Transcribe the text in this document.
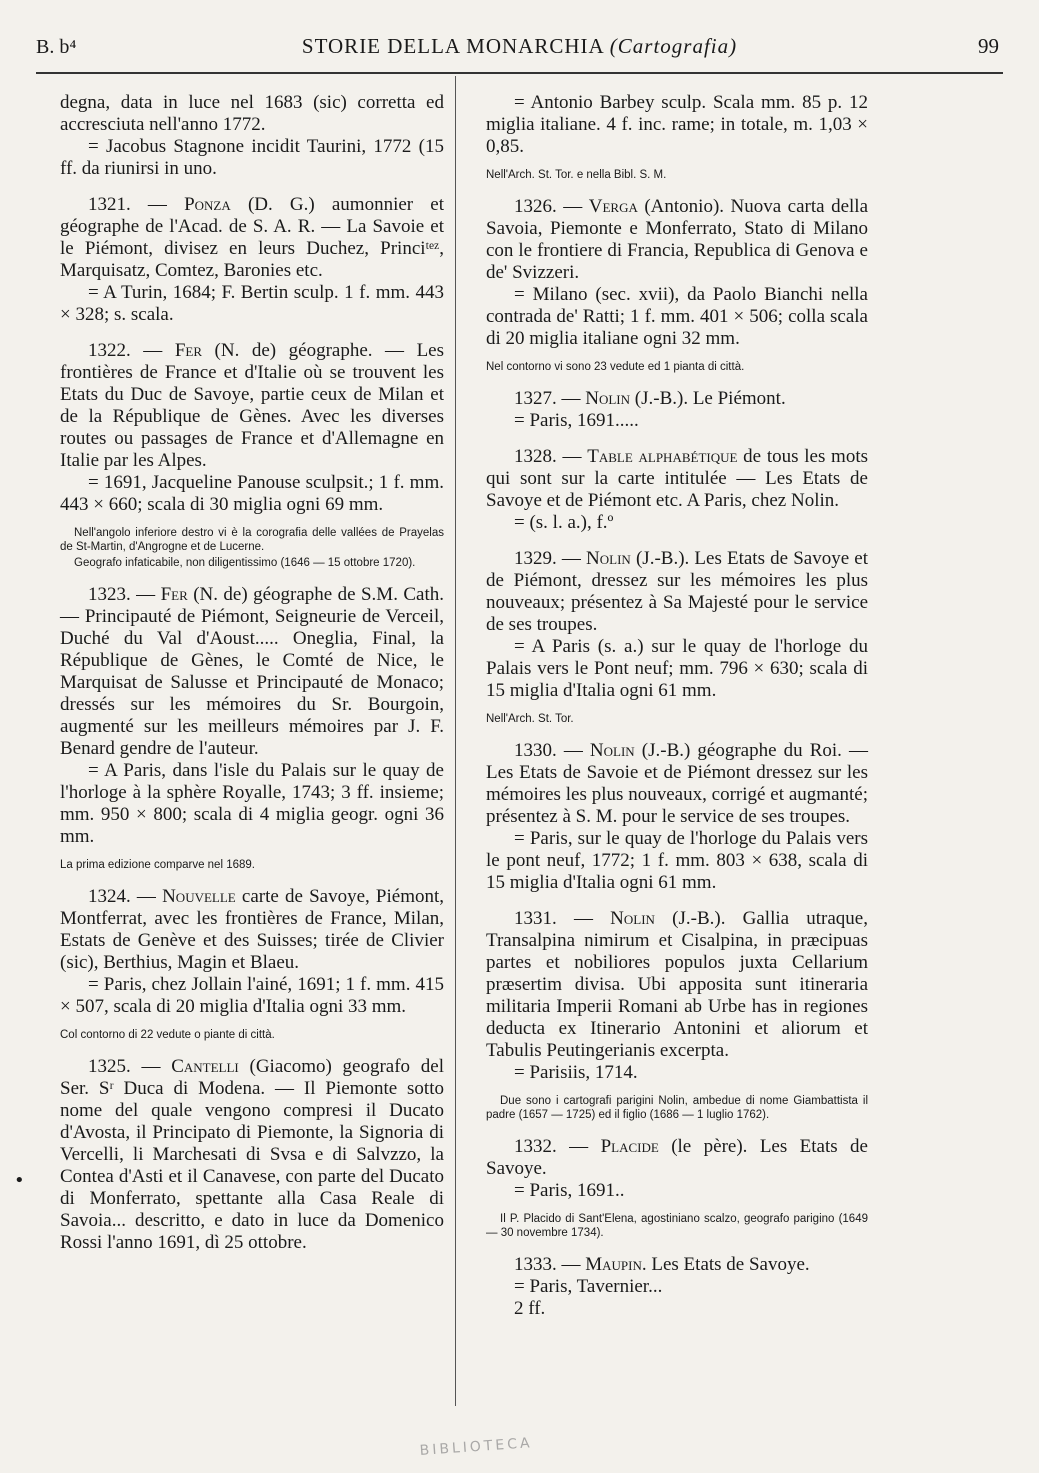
B. b⁴	STORIE DELLA MONARCHIA (Cartografia)	99

degna, data in luce nel 1683 (sic) corretta ed accresciuta nell'anno 1772.

= Jacobus Stagnone incidit Taurini, 1772 (15 ff. da riunirsi in uno.

1321. — Ponza (D. G.) aumonnier et géographe de l'Acad. de S. A. R. — La Savoie et le Piémont, divisez en leurs Duchez, Princiᵗᵉᶻ, Marquisatz, Comtez, Baronies etc.

= A Turin, 1684; F. Bertin sculp. 1 f. mm. 443 × 328; s. scala.

1322. — Fer (N. de) géographe. — Les frontières de France et d'Italie où se trouvent les Etats du Duc de Savoye, partie ceux de Milan et de la République de Gènes. Avec les diverses routes ou passages de France et d'Allemagne en Italie par les Alpes.

= 1691, Jacqueline Panouse sculpsit.; 1 f. mm. 443 × 660; scala di 30 miglia ogni 69 mm.

Nell'angolo inferiore destro vi è la corografia delle vallées de Prayelas de St-Martin, d'Angrogne et de Lucerne.

Geografo infaticabile, non diligentissimo (1646 — 15 ottobre 1720).

1323. — Fer (N. de) géographe de S.M. Cath. — Principauté de Piémont, Seigneurie de Verceil, Duché du Val d'Aoust..... Oneglia, Final, la République de Gènes, le Comté de Nice, le Marquisat de Salusse et Principauté de Monaco; dressés sur les mémoires du Sr. Bourgoin, augmenté sur les meilleurs mémoires par J. F. Benard gendre de l'auteur.

= A Paris, dans l'isle du Palais sur le quay de l'horloge à la sphère Royalle, 1743; 3 ff. insieme; mm. 950 × 800; scala di 4 miglia geogr. ogni 36 mm.

La prima edizione comparve nel 1689.

1324. — Nouvelle carte de Savoye, Piémont, Montferrat, avec les frontières de France, Milan, Estats de Genève et des Suisses; tirée de Clivier (sic), Berthius, Magin et Blaeu.

= Paris, chez Jollain l'ainé, 1691; 1 f. mm. 415 × 507, scala di 20 miglia d'Italia ogni 33 mm.

Col contorno di 22 vedute o piante di città.

1325. — Cantelli (Giacomo) geografo del Ser. Sʳ Duca di Modena. — Il Piemonte sotto nome del quale vengono compresi il Ducato d'Avosta, il Principato di Piemonte, la Signoria di Vercelli, li Marchesati di Svsa e di Salvzzo, la Contea d'Asti et il Canavese, con parte del Ducato di Monferrato, spettante alla Casa Reale di Savoia... descritto, e dato in luce da Domenico Rossi l'anno 1691, dì 25 ottobre.

= Antonio Barbey sculp. Scala mm. 85 p. 12 miglia italiane. 4 f. inc. rame; in totale, m. 1,03 × 0,85.

Nell'Arch. St. Tor. e nella Bibl. S. M.

1326. — Verga (Antonio). Nuova carta della Savoia, Piemonte e Monferrato, Stato di Milano con le frontiere di Francia, Republica di Genova e de' Svizzeri.

= Milano (sec. xvii), da Paolo Bianchi nella contrada de' Ratti; 1 f. mm. 401 × 506; colla scala di 20 miglia italiane ogni 32 mm.

Nel contorno vi sono 23 vedute ed 1 pianta di città.

1327. — Nolin (J.-B.). Le Piémont.

= Paris, 1691.....

1328. — Table alphabétique de tous les mots qui sont sur la carte intitulée — Les Etats de Savoye et de Piémont etc. A Paris, chez Nolin.

= (s. l. a.), f.º

1329. — Nolin (J.-B.). Les Etats de Savoye et de Piémont, dressez sur les mémoires les plus nouveaux; présentez à Sa Majesté pour le service de ses troupes.

= A Paris (s. a.) sur le quay de l'horloge du Palais vers le Pont neuf; mm. 796 × 630; scala di 15 miglia d'Italia ogni 61 mm.

Nell'Arch. St. Tor.

1330. — Nolin (J.-B.) géographe du Roi. — Les Etats de Savoie et de Piémont dressez sur les mémoires les plus nouveaux, corrigé et augmanté; présentez à S. M. pour le service de ses troupes.

= Paris, sur le quay de l'horloge du Palais vers le pont neuf, 1772; 1 f. mm. 803 × 638, scala di 15 miglia d'Italia ogni 61 mm.

1331. — Nolin (J.-B.). Gallia utraque, Transalpina nimirum et Cisalpina, in præcipuas partes et nobiliores populos juxta Cellarium præsertim divisa. Ubi apposita sunt itineraria militaria Imperii Romani ab Urbe has in regiones deducta ex Itinerario Antonini et aliorum et Tabulis Peutingerianis excerpta.

= Parisiis, 1714.

Due sono i cartografi parigini Nolin, ambedue di nome Giambattista il padre (1657 — 1725) ed il figlio (1686 — 1 luglio 1762).

1332. — Placide (le père). Les Etats de Savoye.

= Paris, 1691..

Il P. Placido di Sant'Elena, agostiniano scalzo, geografo parigino (1649 — 30 novembre 1734).

1333. — Maupin. Les Etats de Savoye.

= Paris, Tavernier...

2 ff.

•
BIBLIOTECA
